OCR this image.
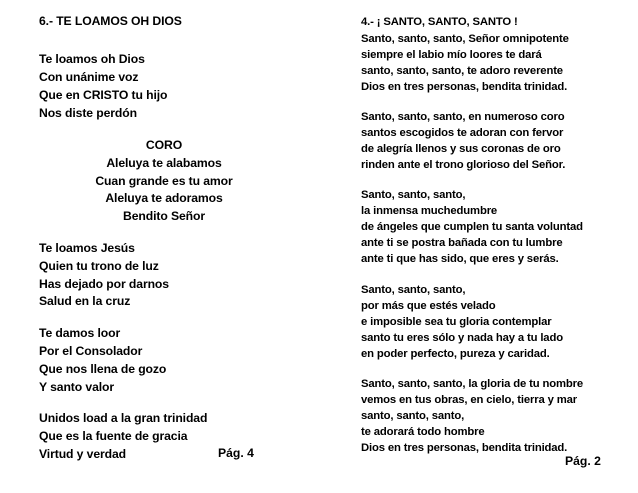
6.- TE LOAMOS OH DIOS
Te loamos oh Dios
Con unánime voz
Que en CRISTO tu hijo
Nos diste perdón
CORO
Aleluya te alabamos
Cuan grande es tu amor
Aleluya te adoramos
Bendito Señor
Te loamos Jesús
Quien tu trono de luz
Has dejado por darnos
Salud en la cruz
Te damos loor
Por el Consolador
Que nos llena de gozo
Y santo valor
Unidos load a la gran trinidad
Que es la fuente de gracia
Virtud y verdad	Pág. 4
4.- ¡ SANTO, SANTO, SANTO !
Santo, santo, santo, Señor omnipotente
siempre el labio mío loores te dará
santo, santo, santo, te adoro reverente
Dios en tres personas, bendita trinidad.
Santo, santo, santo, en numeroso coro
santos escogidos te adoran con fervor
de alegría llenos y sus coronas de oro
rinden ante el trono glorioso del Señor.
Santo, santo, santo,
la inmensa muchedumbre
de ángeles que cumplen tu santa voluntad
ante ti se postra bañada con tu lumbre
ante ti que has sido, que eres y serás.
Santo, santo, santo,
por más que estés velado
e imposible sea tu gloria contemplar
santo tu eres sólo y nada hay a tu lado
en poder perfecto, pureza y caridad.
Santo, santo, santo, la gloria de tu nombre
vemos en tus obras, en cielo, tierra y mar
santo, santo, santo,
te adorará todo hombre
Dios en tres personas, bendita trinidad.
Pág. 2
